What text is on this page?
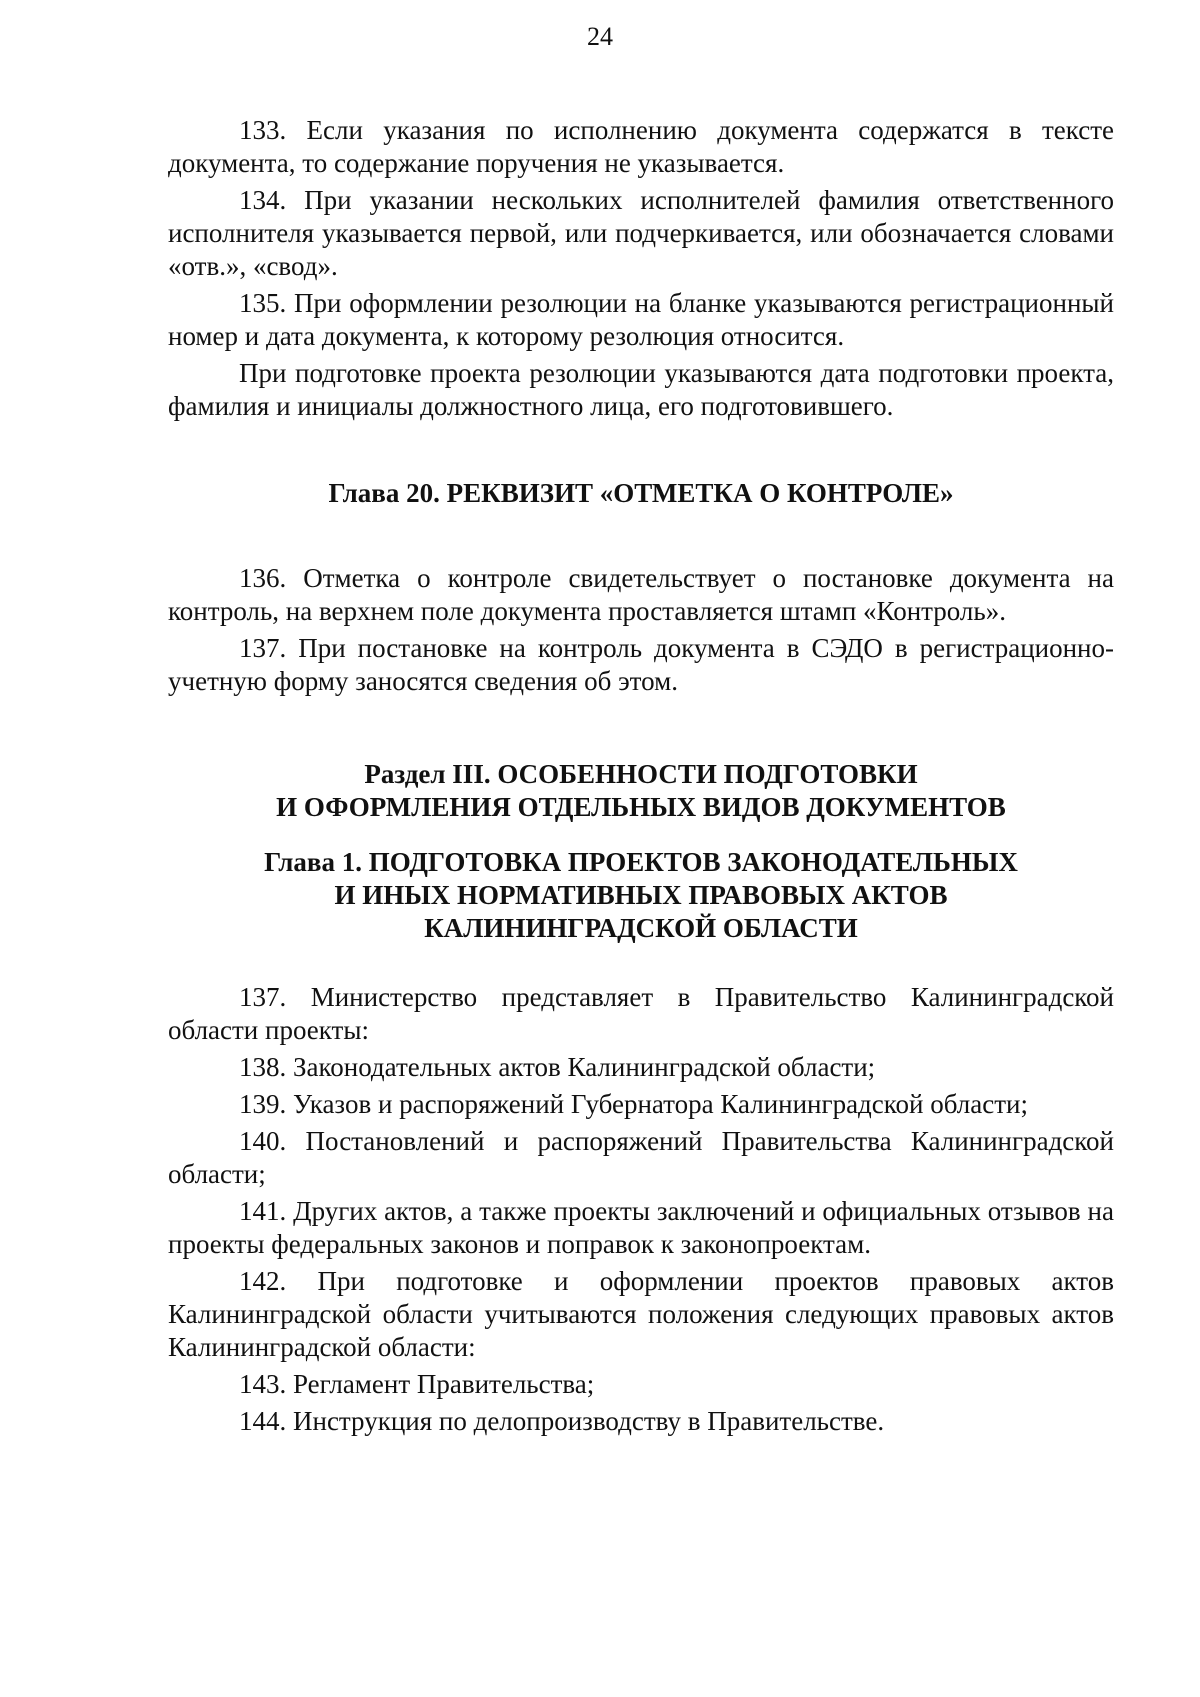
24

133. Если указания по исполнению документа содержатся в тексте документа, то содержание поручения не указывается.

134. При указании нескольких исполнителей фамилия ответственного исполнителя указывается первой, или подчеркивается, или обозначается словами «отв.», «свод».

135. При оформлении резолюции на бланке указываются регистрационный номер и дата документа, к которому резолюция относится.

При подготовке проекта резолюции указываются дата подготовки проекта, фамилия и инициалы должностного лица, его подготовившего.

Глава 20. РЕКВИЗИТ «ОТМЕТКА О КОНТРОЛЕ»

136. Отметка о контроле свидетельствует о постановке документа на контроль, на верхнем поле документа проставляется штамп «Контроль».

137. При постановке на контроль документа в СЭДО в регистрационно-учетную форму заносятся сведения об этом.

Раздел III. ОСОБЕННОСТИ ПОДГОТОВКИ
И ОФОРМЛЕНИЯ ОТДЕЛЬНЫХ ВИДОВ ДОКУМЕНТОВ
Глава 1. ПОДГОТОВКА ПРОЕКТОВ ЗАКОНОДАТЕЛЬНЫХ
И ИНЫХ НОРМАТИВНЫХ ПРАВОВЫХ АКТОВ
КАЛИНИНГРАДСКОЙ ОБЛАСТИ

137. Министерство представляет в Правительство Калининградской области проекты:

138. Законодательных актов Калининградской области;

139. Указов и распоряжений Губернатора Калининградской области;

140. Постановлений и распоряжений Правительства Калининградской области;

141. Других актов, а также проекты заключений и официальных отзывов на проекты федеральных законов и поправок к законопроектам.

142. При подготовке и оформлении проектов правовых актов Калининградской области учитываются положения следующих правовых актов Калининградской области:

143. Регламент Правительства;

144. Инструкция по делопроизводству в Правительстве.
